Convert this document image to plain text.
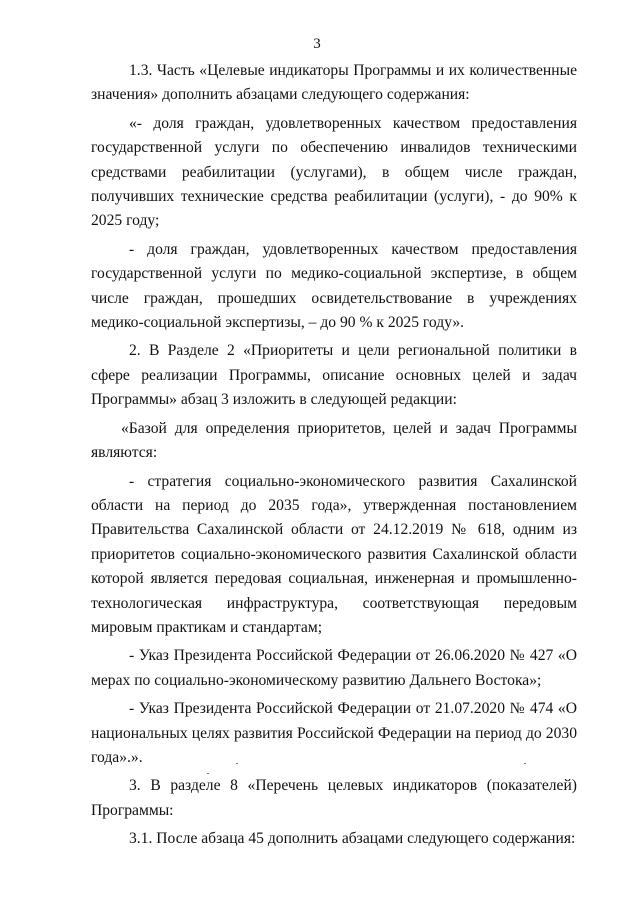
3

1.3. Часть «Целевые индикаторы Программы и их количественные значения» дополнить абзацами следующего содержания:

«- доля граждан, удовлетворенных качеством предоставления государственной услуги по обеспечению инвалидов техническими средствами реабилитации (услугами), в общем числе граждан, получивших технические средства реабилитации (услуги), - до 90% к 2025 году;

- доля граждан, удовлетворенных качеством предоставления государственной услуги по медико-социальной экспертизе, в общем числе граждан, прошедших освидетельствование в учреждениях медико-социальной экспертизы, – до 90 % к 2025 году».

2. В Разделе 2 «Приоритеты и цели региональной политики в сфере реализации Программы, описание основных целей и задач Программы» абзац 3 изложить в следующей редакции:

«Базой для определения приоритетов, целей и задач Программы являются:

- стратегия социально-экономического развития Сахалинской области на период до 2035 года», утвержденная постановлением Правительства Сахалинской области от 24.12.2019 № 618, одним из приоритетов социально-экономического развития Сахалинской области которой является передовая социальная, инженерная и промышленно-технологическая инфраструктура, соответствующая передовым мировым практикам и стандартам;

- Указ Президента Российской Федерации от 26.06.2020 № 427 «О мерах по социально-экономическому развитию Дальнего Востока»;

- Указ Президента Российской Федерации от 21.07.2020 № 474 «О национальных целях развития Российской Федерации на период до 2030 года».».

3. В разделе 8 «Перечень целевых индикаторов (показателей) Программы:

3.1. После абзаца 45 дополнить абзацами следующего содержания:
